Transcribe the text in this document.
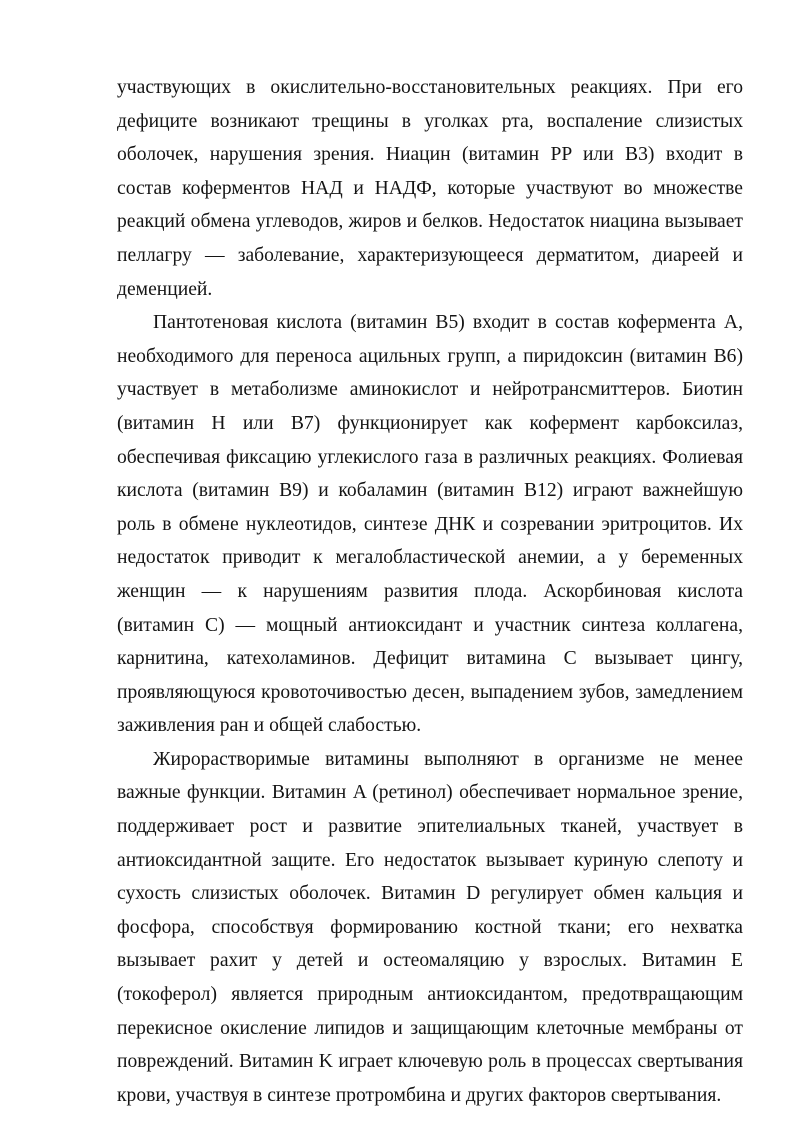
участвующих в окислительно-восстановительных реакциях. При его дефиците возникают трещины в уголках рта, воспаление слизистых оболочек, нарушения зрения. Ниацин (витамин PP или B3) входит в состав коферментов НАД и НАДФ, которые участвуют во множестве реакций обмена углеводов, жиров и белков. Недостаток ниацина вызывает пеллагру — заболевание, характеризующееся дерматитом, диареей и деменцией.

Пантотеновая кислота (витамин B5) входит в состав кофермента А, необходимого для переноса ацильных групп, а пиридоксин (витамин B6) участвует в метаболизме аминокислот и нейротрансмиттеров. Биотин (витамин H или B7) функционирует как кофермент карбоксилаз, обеспечивая фиксацию углекислого газа в различных реакциях. Фолиевая кислота (витамин B9) и кобаламин (витамин B12) играют важнейшую роль в обмене нуклеотидов, синтезе ДНК и созревании эритроцитов. Их недостаток приводит к мегалобластической анемии, а у беременных женщин — к нарушениям развития плода. Аскорбиновая кислота (витамин C) — мощный антиоксидант и участник синтеза коллагена, карнитина, катехоламинов. Дефицит витамина C вызывает цингу, проявляющуюся кровоточивостью десен, выпадением зубов, замедлением заживления ран и общей слабостью.

Жирорастворимые витамины выполняют в организме не менее важные функции. Витамин A (ретинол) обеспечивает нормальное зрение, поддерживает рост и развитие эпителиальных тканей, участвует в антиоксидантной защите. Его недостаток вызывает куриную слепоту и сухость слизистых оболочек. Витамин D регулирует обмен кальция и фосфора, способствуя формированию костной ткани; его нехватка вызывает рахит у детей и остеомаляцию у взрослых. Витамин E (токоферол) является природным антиоксидантом, предотвращающим перекисное окисление липидов и защищающим клеточные мембраны от повреждений. Витамин K играет ключевую роль в процессах свертывания крови, участвуя в синтезе протромбина и других факторов свертывания.
